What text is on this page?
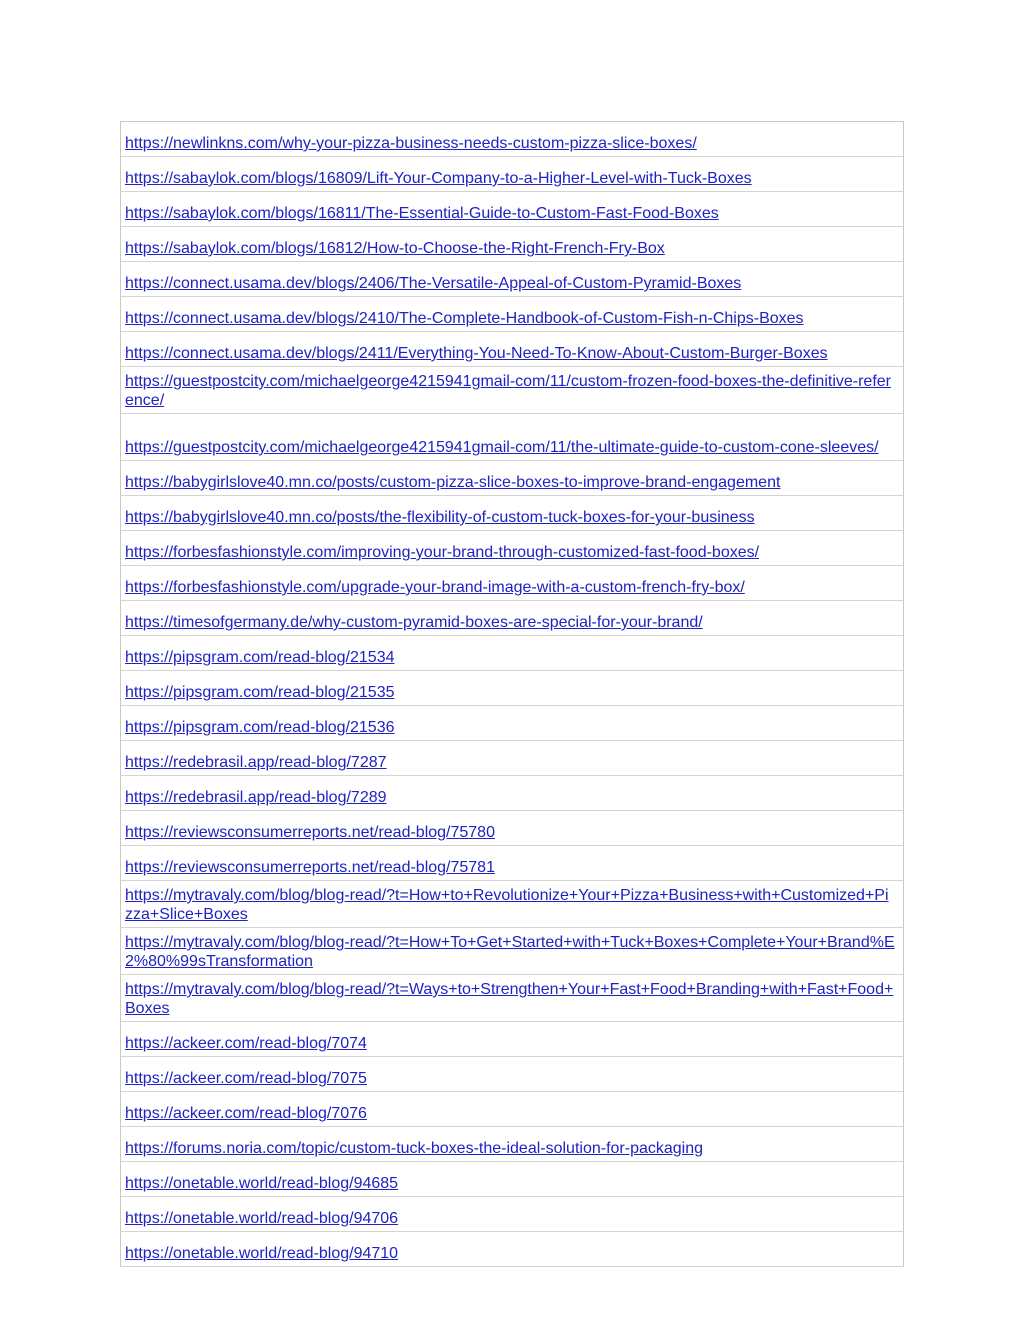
https://newlinkns.com/why-your-pizza-business-needs-custom-pizza-slice-boxes/
https://sabaylok.com/blogs/16809/Lift-Your-Company-to-a-Higher-Level-with-Tuck-Boxes
https://sabaylok.com/blogs/16811/The-Essential-Guide-to-Custom-Fast-Food-Boxes
https://sabaylok.com/blogs/16812/How-to-Choose-the-Right-French-Fry-Box
https://connect.usama.dev/blogs/2406/The-Versatile-Appeal-of-Custom-Pyramid-Boxes
https://connect.usama.dev/blogs/2410/The-Complete-Handbook-of-Custom-Fish-n-Chips-Boxes
https://connect.usama.dev/blogs/2411/Everything-You-Need-To-Know-About-Custom-Burger-Boxes
https://guestpostcity.com/michaelgeorge4215941gmail-com/11/custom-frozen-food-boxes-the-definitive-reference/
https://guestpostcity.com/michaelgeorge4215941gmail-com/11/the-ultimate-guide-to-custom-cone-sleeves/
https://babygirlslove40.mn.co/posts/custom-pizza-slice-boxes-to-improve-brand-engagement
https://babygirlslove40.mn.co/posts/the-flexibility-of-custom-tuck-boxes-for-your-business
https://forbesfashionstyle.com/improving-your-brand-through-customized-fast-food-boxes/
https://forbesfashionstyle.com/upgrade-your-brand-image-with-a-custom-french-fry-box/
https://timesofgermany.de/why-custom-pyramid-boxes-are-special-for-your-brand/
https://pipsgram.com/read-blog/21534
https://pipsgram.com/read-blog/21535
https://pipsgram.com/read-blog/21536
https://redebrasil.app/read-blog/7287
https://redebrasil.app/read-blog/7289
https://reviewsconsumerreports.net/read-blog/75780
https://reviewsconsumerreports.net/read-blog/75781
https://mytravaly.com/blog/blog-read/?t=How+to+Revolutionize+Your+Pizza+Business+with+Customized+Pizza+Slice+Boxes
https://mytravaly.com/blog/blog-read/?t=How+To+Get+Started+with+Tuck+Boxes+Complete+Your+Brand%E2%80%99sTransformation
https://mytravaly.com/blog/blog-read/?t=Ways+to+Strengthen+Your+Fast+Food+Branding+with+Fast+Food+Boxes
https://ackeer.com/read-blog/7074
https://ackeer.com/read-blog/7075
https://ackeer.com/read-blog/7076
https://forums.noria.com/topic/custom-tuck-boxes-the-ideal-solution-for-packaging
https://onetable.world/read-blog/94685
https://onetable.world/read-blog/94706
https://onetable.world/read-blog/94710
